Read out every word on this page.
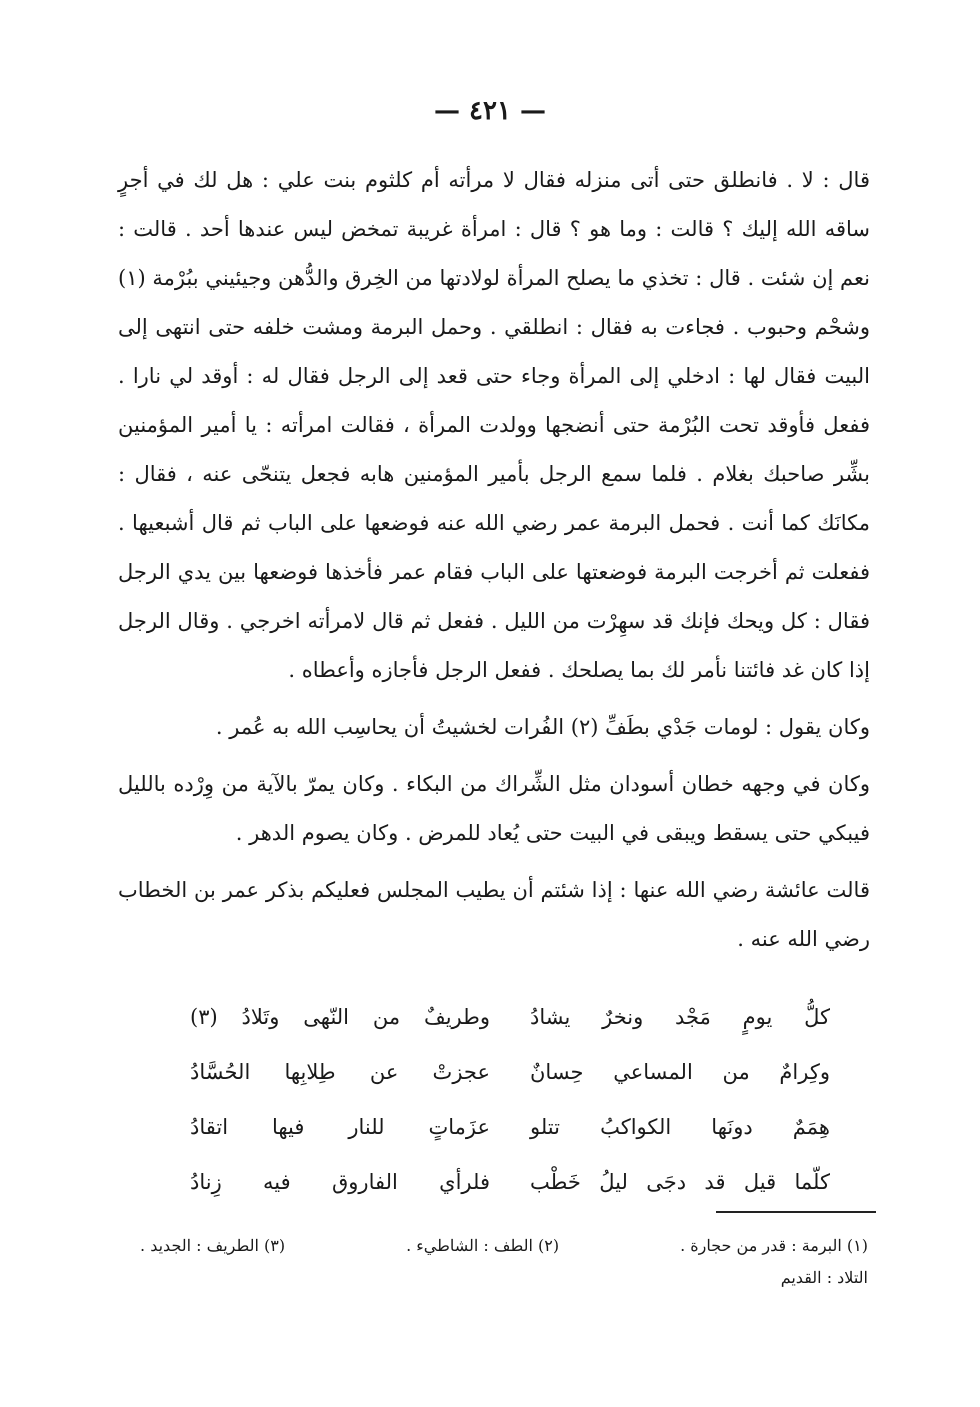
— ٤٢١ —

قال : لا . فانطلق حتى أتى منزله فقال لا مرأته أم كلثوم بنت علي : هل لك في أجرٍ ساقه الله إليك ؟ قالت : وما هو ؟ قال : امرأة غريبة تمخض ليس عندها أحد . قالت : نعم إن شئت . قال : تخذي ما يصلح المرأة لولادتها من الخِرق والدُّهن وجيئيني ببُرْمة (١) وشحْم وحبوب . فجاءت به فقال : انطلقي . وحمل البرمة ومشت خلفه حتى انتهى إلى البيت فقال لها : ادخلي إلى المرأة وجاء حتى قعد إلى الرجل فقال له : أوقد لي نارا . ففعل فأوقد تحت البُرْمة حتى أنضجها وولدت المرأة ، فقالت امرأته : يا أمير المؤمنين بشِّر صاحبك بغلام . فلما سمع الرجل بأمير المؤمنين هابه فجعل يتنحّى عنه ، فقال : مكانَك كما أنت . فحمل البرمة عمر رضي الله عنه فوضعها على الباب ثم قال أشبعيها . ففعلت ثم أخرجت البرمة فوضعتها على الباب فقام عمر فأخذها فوضعها بين يدي الرجل فقال : كل ويحك فإنك قد سهِرْت من الليل . ففعل ثم قال لامرأته اخرجي . وقال الرجل إذا كان غد فائتنا نأمر لك بما يصلحك . ففعل الرجل فأجازه وأعطاه .

وكان يقول : لومات جَدْي بطَفِّ (٢) الفُرات لخشيتُ أن يحاسِب الله به عُمر .

وكان في وجهه خطان أسودان مثل الشِّراك من البكاء . وكان يمرّ بالآية من وِرْده بالليل فيبكي حتى يسقط ويبقى في البيت حتى يُعاد للمرض . وكان يصوم الدهر .

قالت عائشة رضي الله عنها : إذا شئتم أن يطيب المجلس فعليكم بذكر عمر بن الخطاب رضي الله عنه .

كلُّ يومٍ مَجْد ونخرٌ يشادُ
وطريفٌ من النّهى وتَلادُ (٣)
وكِرامٌ من المساعي حِسانٌ
عجزتْ عن طِلابِها الحُسَّادُ
هِمَمٌ دونَها الكواكبُ تتلو
عزَماتٍ للنار فيها اتقادُ
كلّما قيل قد دجَى ليلُ خَطْب
فلرأي الفاروق فيه زِنادُ
(١) البرمة : قدر من حجارة .
(٢) الطف : الشاطيء .
(٣) الطريف : الجديد .
التلاد : القديم
